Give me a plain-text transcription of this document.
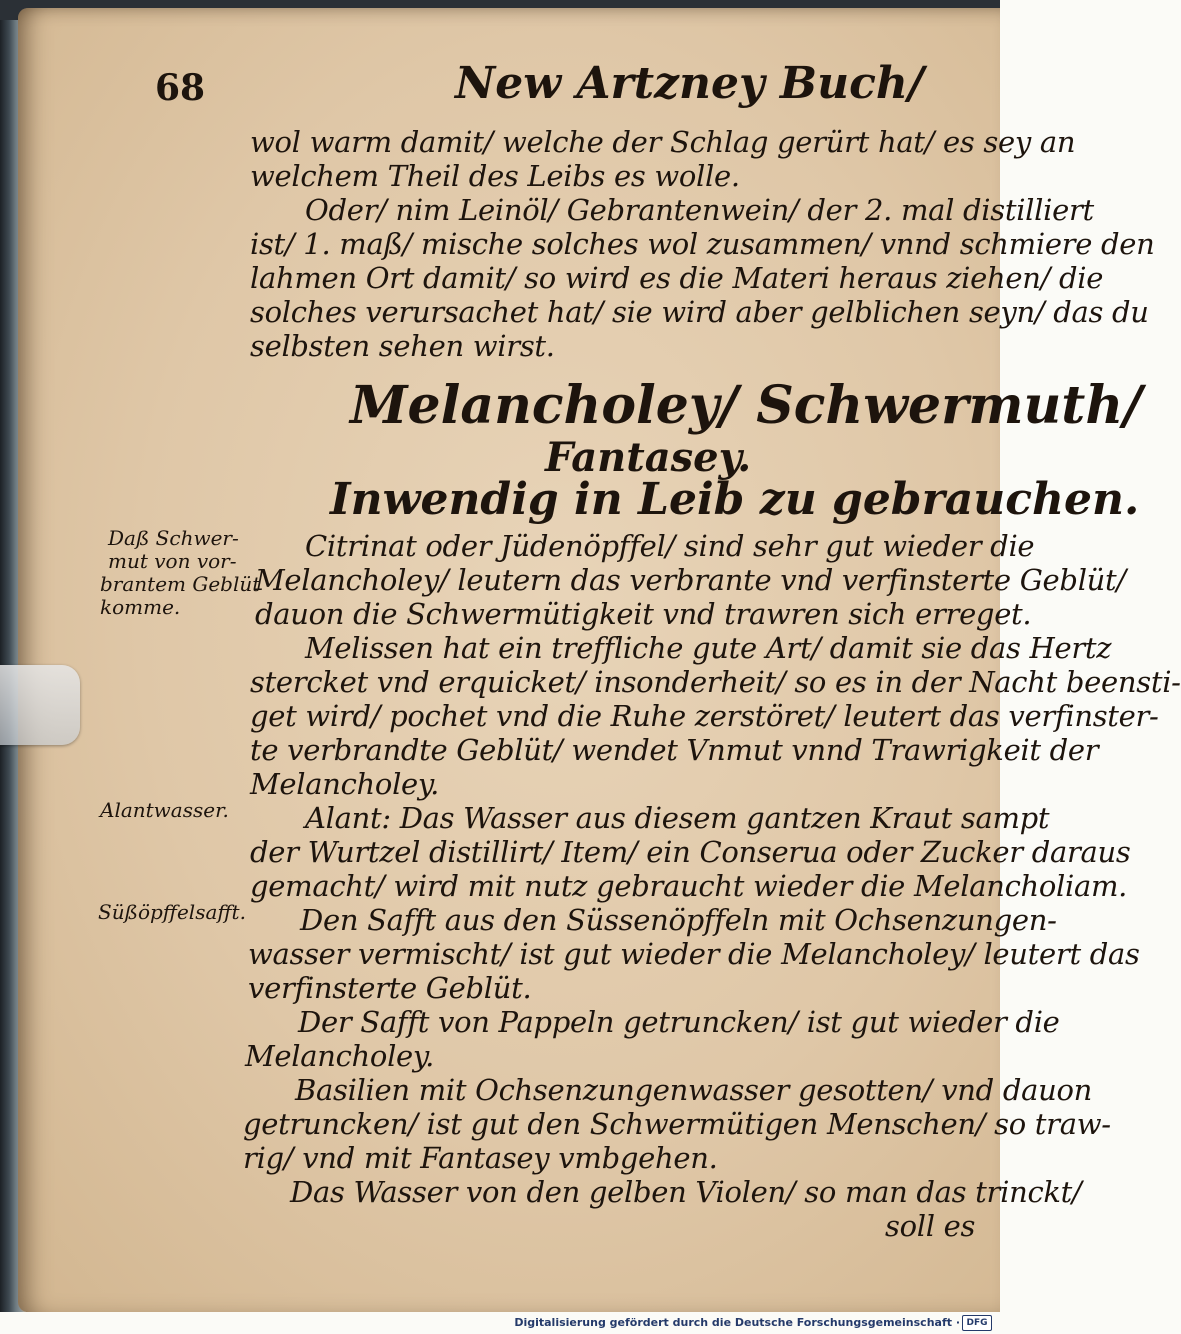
68	New Artzney Buch/
wol warm damit/ welche der Schlag gerürt hat/ es sey an
welchem Theil des Leibs es wolle.
Oder/ nim Leinöl/ Gebrantenwein/ der 2. mal distilliert
ist/ 1. maß/ mische solches wol zusammen/ vnnd schmiere den
lahmen Ort damit/ so wird es die Materi heraus ziehen/ die
solches verursachet hat/ sie wird aber gelblichen seyn/ das du
selbsten sehen wirst.
Melancholey/ Schwermuth/
Fantasey.
Inwendig in Leib zu gebrauchen.
Daß Schwer-
mut von vor-
brantem Geblüt
komme.
Alantwasser.
Süßöpffelsafft.
Citrinat oder Jüdenöpffel/ sind sehr gut wieder die
Melancholey/ leutern das verbrante vnd verfinsterte Geblüt/
dauon die Schwermütigkeit vnd trawren sich erreget.
Melissen hat ein treffliche gute Art/ damit sie das Hertz
stercket vnd erquicket/ insonderheit/ so es in der Nacht beensti-
get wird/ pochet vnd die Ruhe zerstöret/ leutert das verfinster-
te verbrandte Geblüt/ wendet Vnmut vnnd Trawrigkeit der
Melancholey.
Alant: Das Wasser aus diesem gantzen Kraut sampt
der Wurtzel distillirt/ Item/ ein Conserua oder Zucker daraus
gemacht/ wird mit nutz gebraucht wieder die Melancholiam.
Den Safft aus den Süssenöpffeln mit Ochsenzungen-
wasser vermischt/ ist gut wieder die Melancholey/ leutert das
verfinsterte Geblüt.
Der Safft von Pappeln getruncken/ ist gut wieder die
Melancholey.
Basilien mit Ochsenzungenwasser gesotten/ vnd dauon
getruncken/ ist gut den Schwermütigen Menschen/ so traw-
rig/ vnd mit Fantasey vmbgehen.
Das Wasser von den gelben Violen/ so man das trinckt/
soll es
Digitalisierung gefördert durch die Deutsche Forschungsgemeinschaft · DFG
